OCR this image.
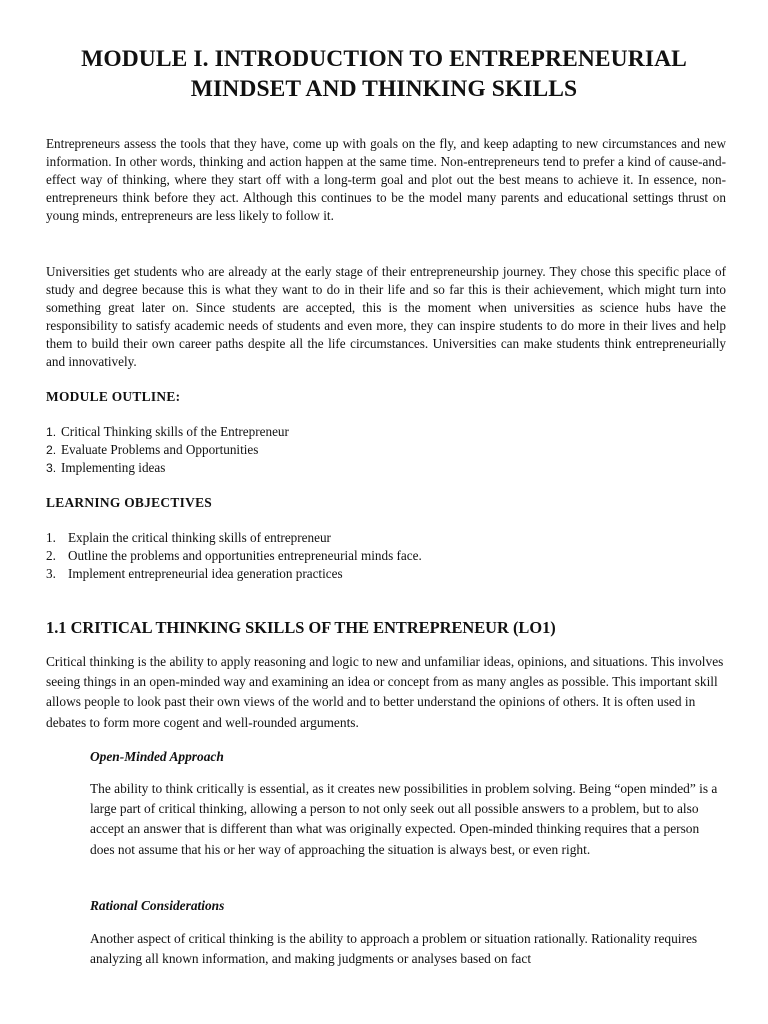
MODULE I. INTRODUCTION TO ENTREPRENEURIAL
MINDSET AND THINKING SKILLS

Entrepreneurs assess the tools that they have, come up with goals on the fly, and keep adapting to new circumstances and new information. In other words, thinking and action happen at the same time. Non-entrepreneurs tend to prefer a kind of cause-and-effect way of thinking, where they start off with a long-term goal and plot out the best means to achieve it. In essence, non-entrepreneurs think before they act. Although this continues to be the model many parents and educational settings thrust on young minds, entrepreneurs are less likely to follow it.

Universities get students who are already at the early stage of their entrepreneurship journey. They chose this specific place of study and degree because this is what they want to do in their life and so far this is their achievement, which might turn into something great later on. Since students are accepted, this is the moment when universities as science hubs have the responsibility to satisfy academic needs of students and even more, they can inspire students to do more in their lives and help them to build their own career paths despite all the life circumstances. Universities can make students think entrepreneurially and innovatively.

MODULE OUTLINE:
1. Critical Thinking skills of the Entrepreneur
2. Evaluate Problems and Opportunities
3. Implementing ideas
LEARNING OBJECTIVES
1. Explain the critical thinking skills of entrepreneur
2. Outline the problems and opportunities entrepreneurial minds face.
3. Implement entrepreneurial idea generation practices
1.1 CRITICAL THINKING SKILLS OF THE ENTREPRENEUR (LO1)

Critical thinking is the ability to apply reasoning and logic to new and unfamiliar ideas, opinions, and situations. This involves seeing things in an open-minded way and examining an idea or concept from as many angles as possible. This important skill allows people to look past their own views of the world and to better understand the opinions of others. It is often used in debates to form more cogent and well-rounded arguments.

Open-Minded Approach

The ability to think critically is essential, as it creates new possibilities in problem solving. Being “open minded” is a large part of critical thinking, allowing a person to not only seek out all possible answers to a problem, but to also accept an answer that is different than what was originally expected. Open-minded thinking requires that a person does not assume that his or her way of approaching the situation is always best, or even right.

Rational Considerations

Another aspect of critical thinking is the ability to approach a problem or situation rationally. Rationality requires analyzing all known information, and making judgments or analyses based on fact
